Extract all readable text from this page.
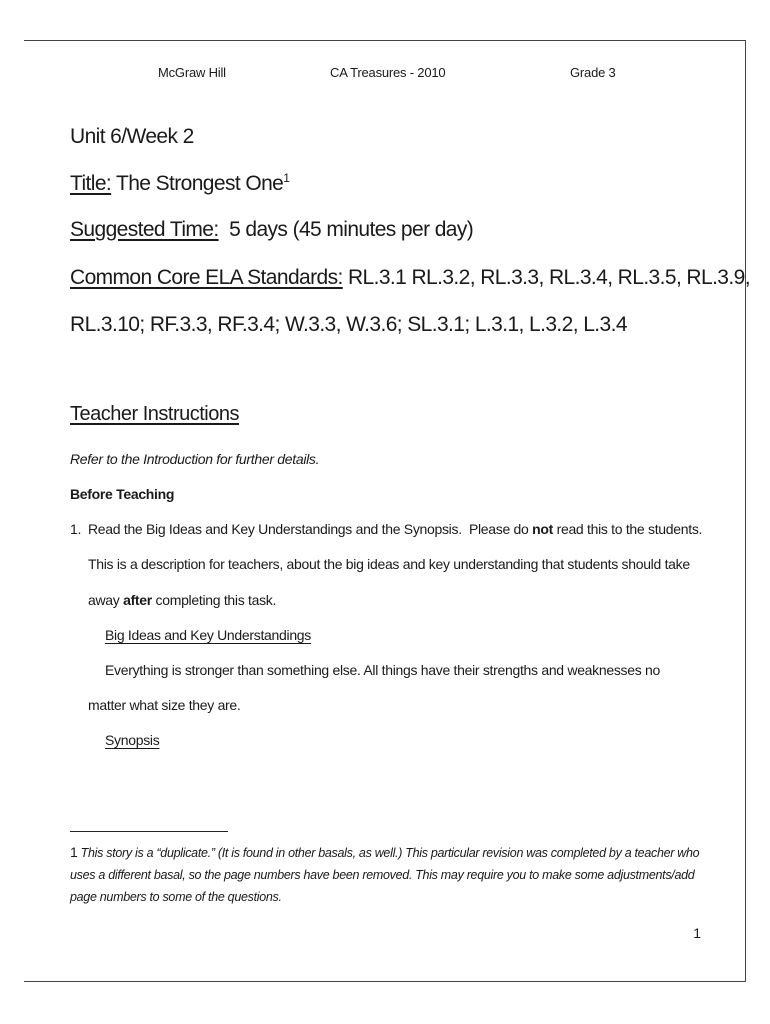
McGraw Hill	CA Treasures - 2010	Grade 3
Unit 6/Week 2
Title: The Strongest One$^1$
Suggested Time:  5 days (45 minutes per day)
Common Core ELA Standards: RL.3.1 RL.3.2, RL.3.3, RL.3.4, RL.3.5, RL.3.9,
RL.3.10; RF.3.3, RF.3.4; W.3.3, W.3.6; SL.3.1; L.3.1, L.3.2, L.3.4
Teacher Instructions
Refer to the Introduction for further details.
Before Teaching
1. Read the Big Ideas and Key Understandings and the Synopsis.  Please do not read this to the students.
This is a description for teachers, about the big ideas and key understanding that students should take
away after completing this task.
Big Ideas and Key Understandings
Everything is stronger than something else. All things have their strengths and weaknesses no
matter what size they are.
Synopsis
1 This story is a “duplicate.” (It is found in other basals, as well.) This particular revision was completed by a teacher who uses a different basal, so the page numbers have been removed. This may require you to make some adjustments/add page numbers to some of the questions.
1
